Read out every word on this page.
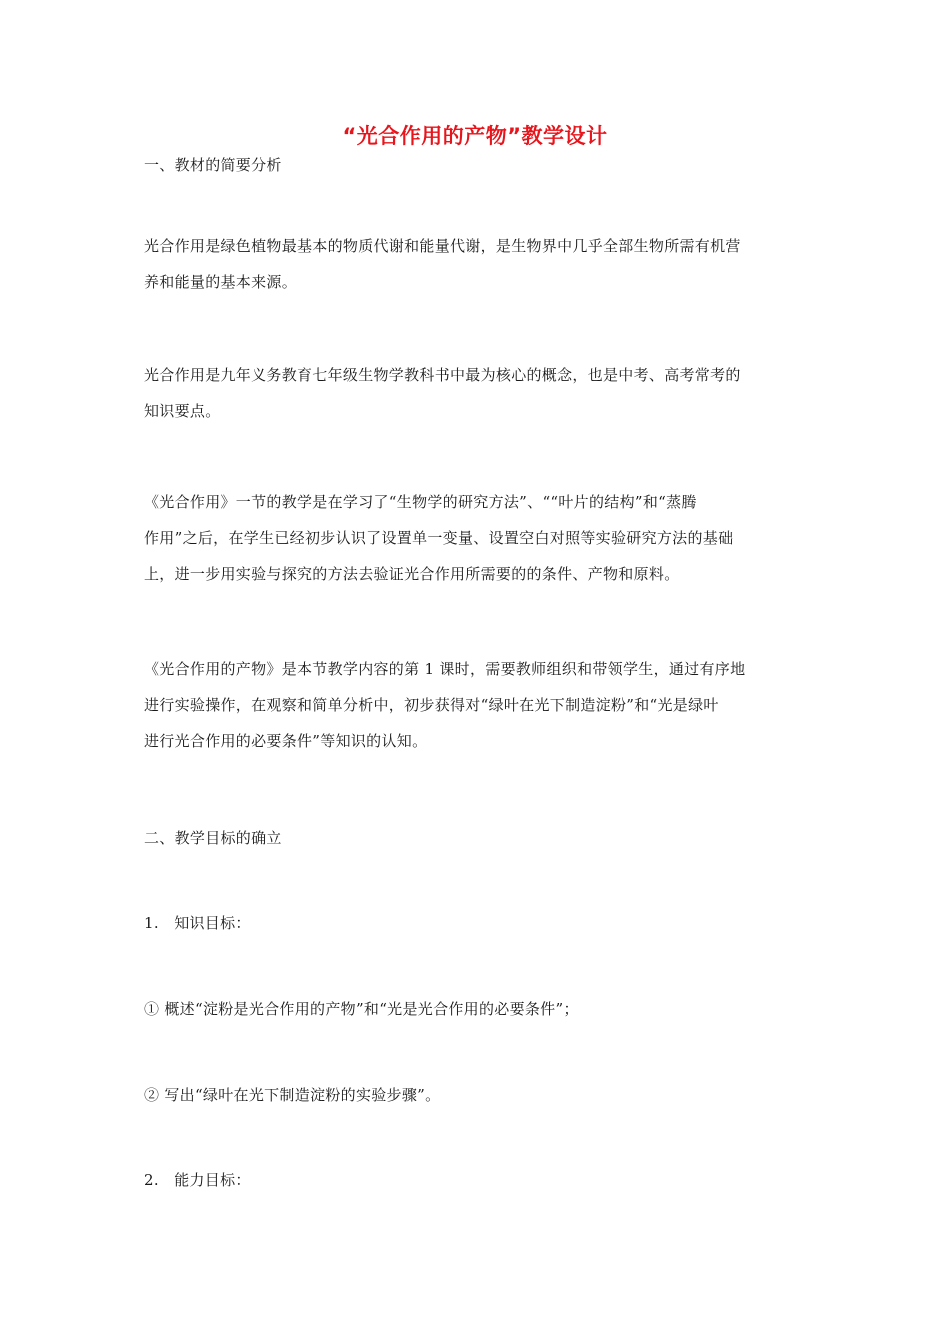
“光合作用的产物”教学设计
一、教材的简要分析
光合作用是绿色植物最基本的物质代谢和能量代谢，是生物界中几乎全部生物所需有机营
养和能量的基本来源。
光合作用是九年义务教育七年级生物学教科书中最为核心的概念，也是中考、高考常考的
知识要点。
《光合作用》一节的教学是在学习了“生物学的研究方法”、““叶片的结构”和“蒸腾
作用”之后，在学生已经初步认识了设置单一变量、设置空白对照等实验研究方法的基础
上，进一步用实验与探究的方法去验证光合作用所需要的的条件、产物和原料。
《光合作用的产物》是本节教学内容的第 1 课时，需要教师组织和带领学生，通过有序地
进行实验操作，在观察和简单分析中，初步获得对“绿叶在光下制造淀粉”和“光是绿叶
进行光合作用的必要条件”等知识的认知。
二、教学目标的确立
1.　知识目标：
① 概述“淀粉是光合作用的产物”和“光是光合作用的必要条件”；
② 写出“绿叶在光下制造淀粉的实验步骤”。
2.　能力目标：
